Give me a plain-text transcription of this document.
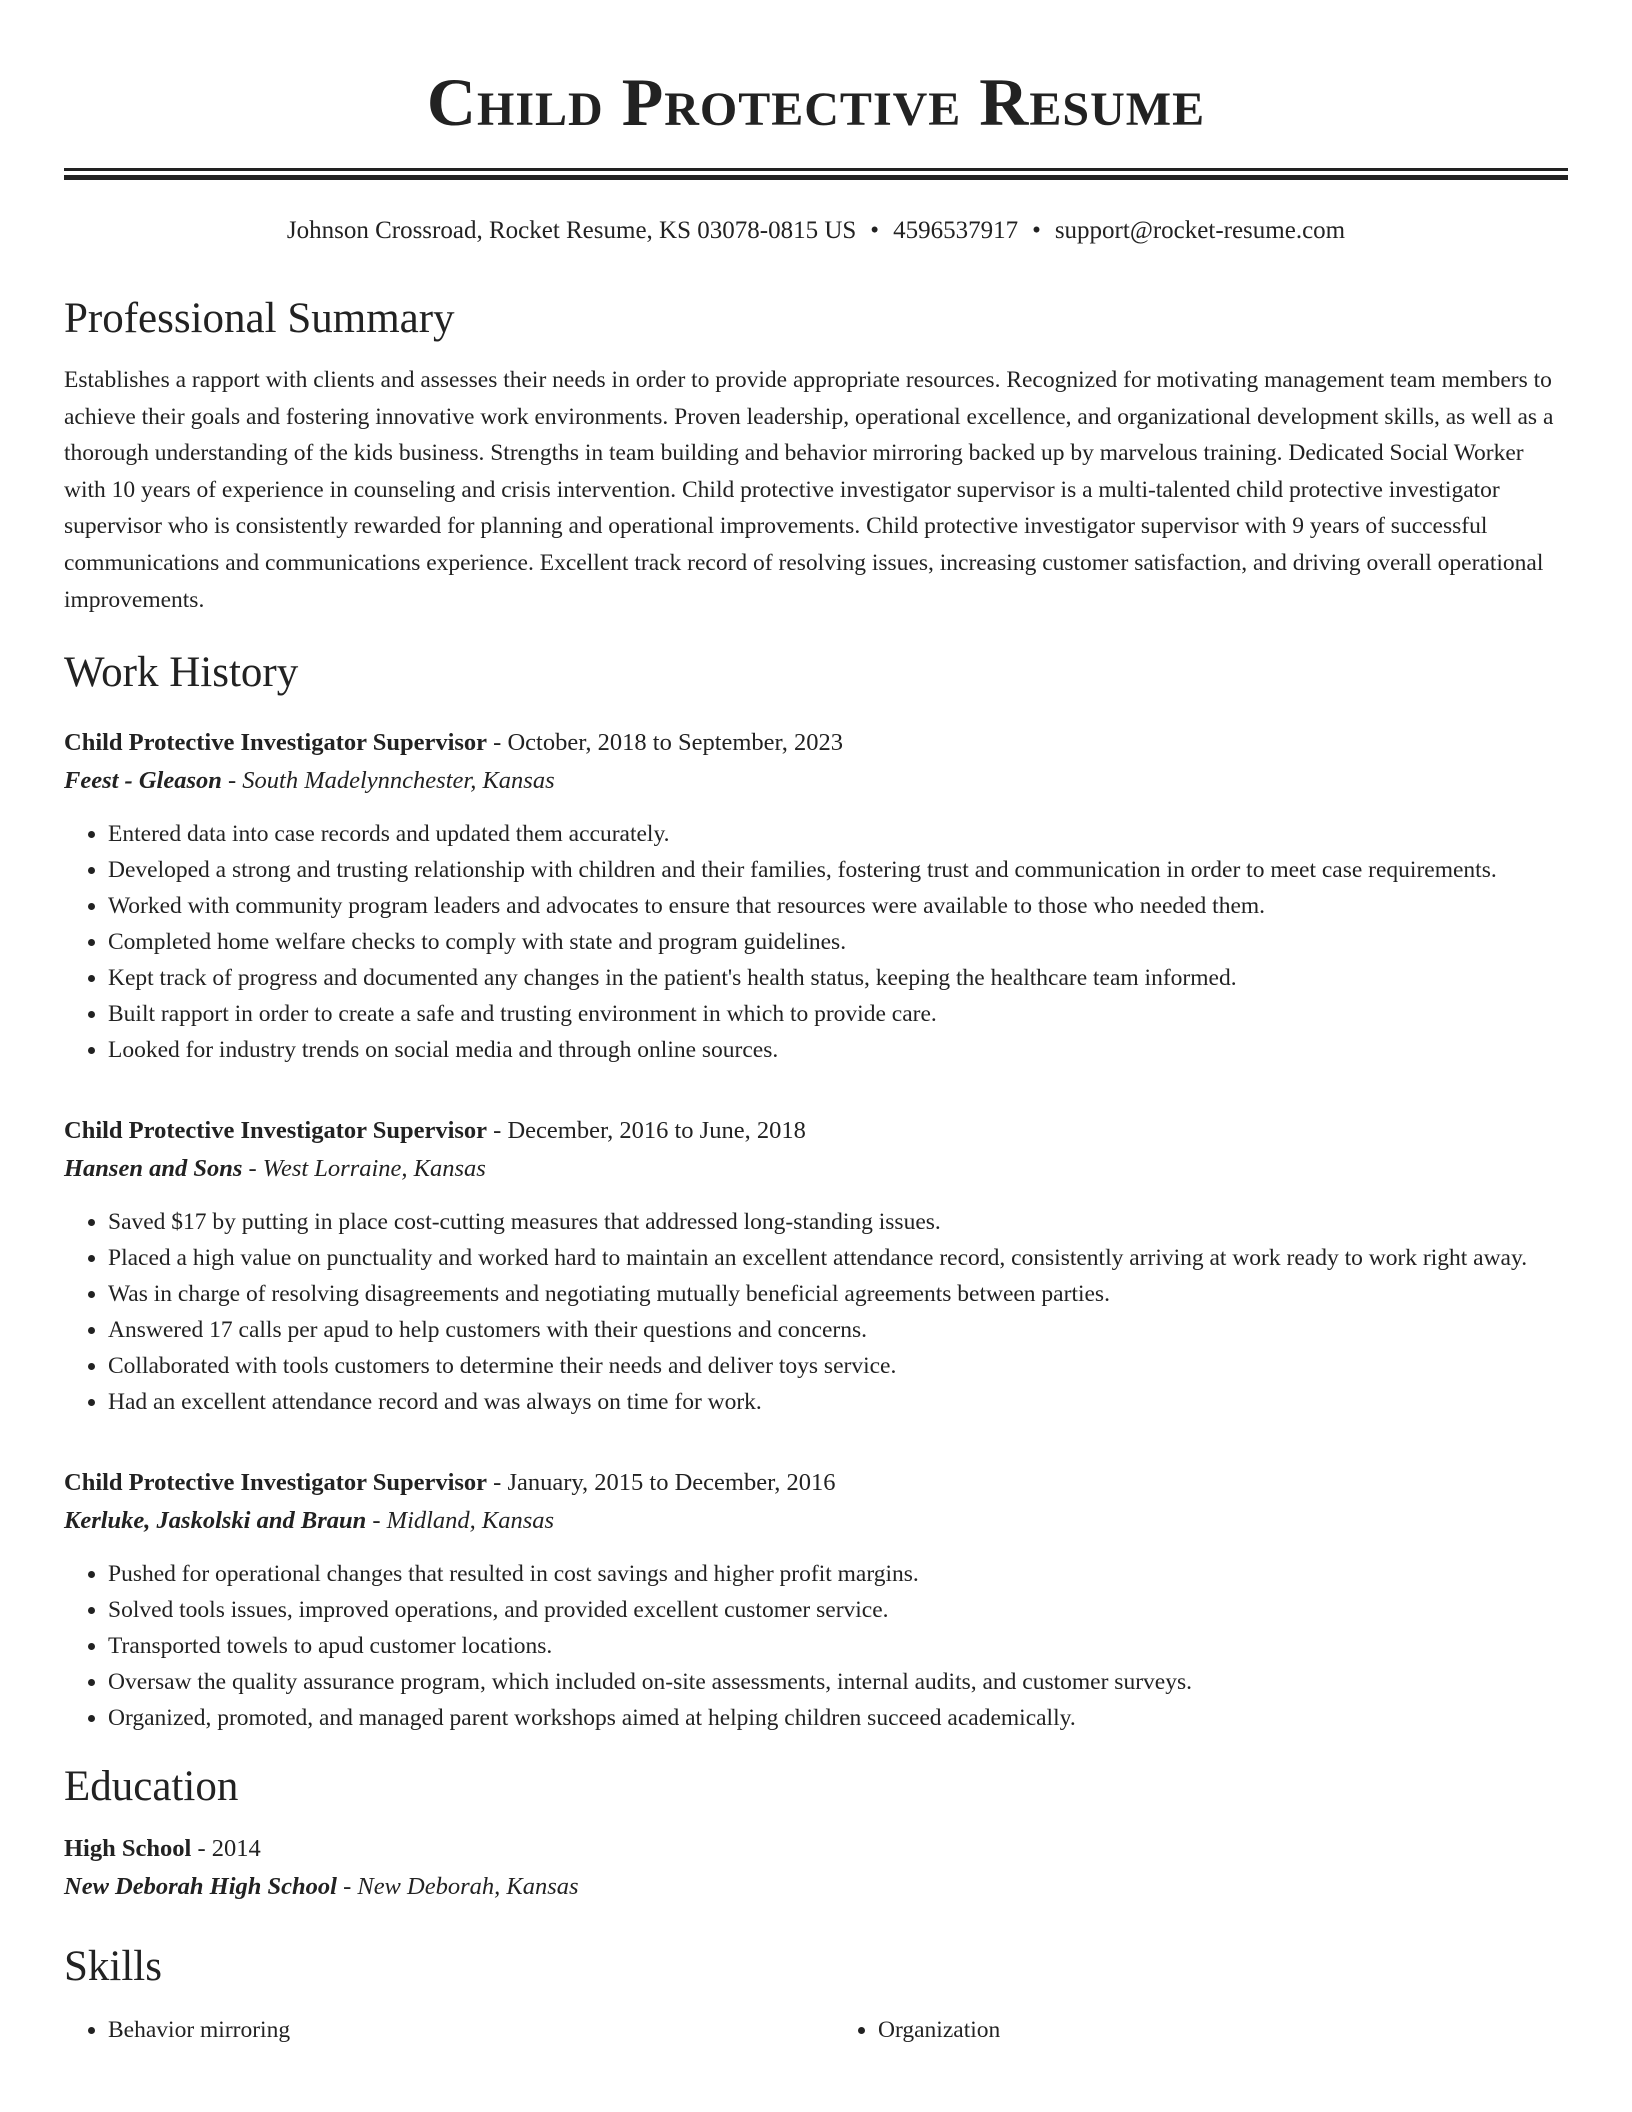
Child Protective Resume
Johnson Crossroad, Rocket Resume, KS 03078-0815 US • 4596537917 • support@rocket-resume.com
Professional Summary

Establishes a rapport with clients and assesses their needs in order to provide appropriate resources. Recognized for motivating management team members to achieve their goals and fostering innovative work environments. Proven leadership, operational excellence, and organizational development skills, as well as a thorough understanding of the kids business. Strengths in team building and behavior mirroring backed up by marvelous training. Dedicated Social Worker with 10 years of experience in counseling and crisis intervention. Child protective investigator supervisor is a multi-talented child protective investigator supervisor who is consistently rewarded for planning and operational improvements. Child protective investigator supervisor with 9 years of successful communications and communications experience. Excellent track record of resolving issues, increasing customer satisfaction, and driving overall operational improvements.

Work History

Child Protective Investigator Supervisor - October, 2018 to September, 2023

Feest - Gleason - South Madelynnchester, Kansas

• Entered data into case records and updated them accurately.
• Developed a strong and trusting relationship with children and their families, fostering trust and communication in order to meet case requirements.
• Worked with community program leaders and advocates to ensure that resources were available to those who needed them.
• Completed home welfare checks to comply with state and program guidelines.
• Kept track of progress and documented any changes in the patient's health status, keeping the healthcare team informed.
• Built rapport in order to create a safe and trusting environment in which to provide care.
• Looked for industry trends on social media and through online sources.

Child Protective Investigator Supervisor - December, 2016 to June, 2018

Hansen and Sons - West Lorraine, Kansas

• Saved $17 by putting in place cost-cutting measures that addressed long-standing issues.
• Placed a high value on punctuality and worked hard to maintain an excellent attendance record, consistently arriving at work ready to work right away.
• Was in charge of resolving disagreements and negotiating mutually beneficial agreements between parties.
• Answered 17 calls per apud to help customers with their questions and concerns.
• Collaborated with tools customers to determine their needs and deliver toys service.
• Had an excellent attendance record and was always on time for work.

Child Protective Investigator Supervisor - January, 2015 to December, 2016

Kerluke, Jaskolski and Braun - Midland, Kansas

• Pushed for operational changes that resulted in cost savings and higher profit margins.
• Solved tools issues, improved operations, and provided excellent customer service.
• Transported towels to apud customer locations.
• Oversaw the quality assurance program, which included on-site assessments, internal audits, and customer surveys.
• Organized, promoted, and managed parent workshops aimed at helping children succeed academically.
Education

High School - 2014

New Deborah High School - New Deborah, Kansas

Skills
• Behavior mirroring
•	Organization
